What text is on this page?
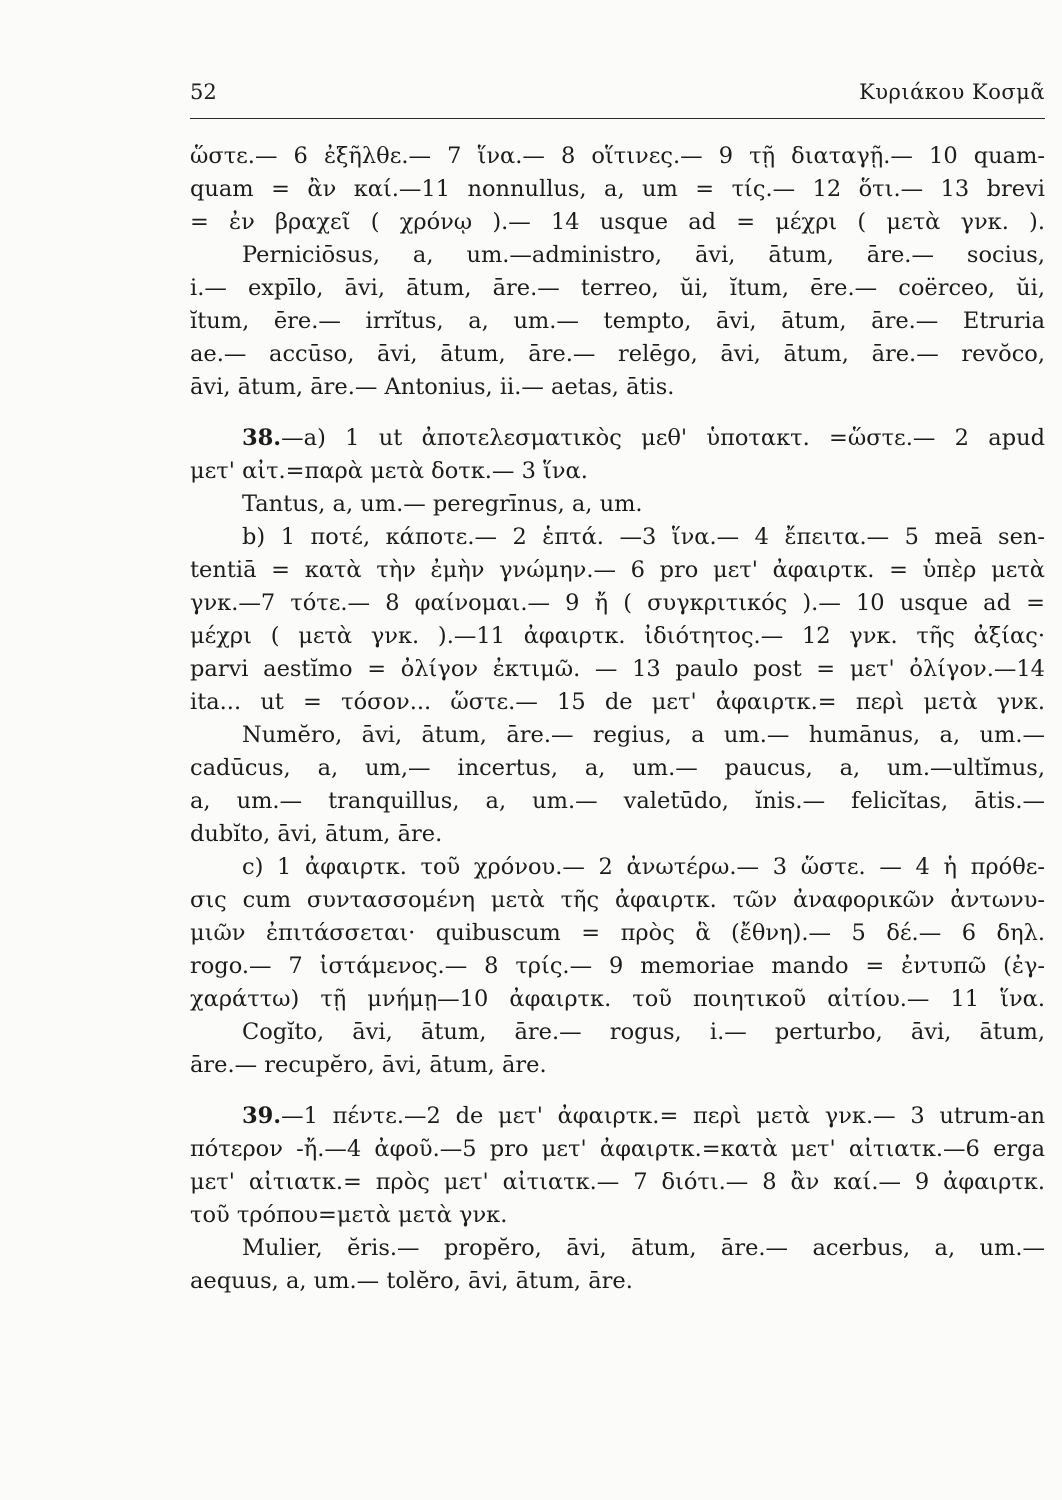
52	Κυριάκου Κοσμᾶ
ὥστε.— 6 ἐξῆλθε.— 7 ἵνα.— 8 οἵτινες.— 9 τῇ διαταγῇ.— 10 quam-
quam = ἂν καί.—11 nonnullus, a, um = τίς.— 12 ὅτι.— 13 brevi
= ἐν βραχεῖ ( χρόνῳ ).— 14 usque ad = μέχρι ( μετὰ γνκ. ).
Perniciōsus, a, um.—administro, āvi, ātum, āre.— socius,
i.— expīlo, āvi, ātum, āre.— terreo, ŭi, ĭtum, ēre.— coërceo, ŭi,
ĭtum, ēre.— irrĭtus, a, um.— tempto, āvi, ātum, āre.— Etruria
ae.— accūso, āvi, ātum, āre.— relēgo, āvi, ātum, āre.— revŏco,
āvi, ātum, āre.— Antonius, ii.— aetas, ātis.
38.—a) 1 ut ἀποτελεσματικὸς μεθ' ὑποτακτ. =ὥστε.— 2 apud
μετ' αἰτ.=παρὰ μετὰ δοτκ.— 3 ἵνα.
Tantus, a, um.— peregrīnus, a, um.
b) 1 ποτέ, κάποτε.— 2 ἑπτά. —3 ἵνα.— 4 ἔπειτα.— 5 meā sen-
tentiā = κατὰ τὴν ἐμὴν γνώμην.— 6 pro μετ' ἀφαιρτκ. = ὑπὲρ μετὰ
γνκ.—7 τότε.— 8 φαίνομαι.— 9 ἤ ( συγκριτικός ).— 10 usque ad =
μέχρι ( μετὰ γνκ. ).—11 ἀφαιρτκ. ἰδιότητος.— 12 γνκ. τῆς ἀξίας·
parvi aestĭmo = ὀλίγον ἐκτιμῶ. — 13 paulo post = μετ' ὀλίγον.—14
ita... ut = τόσον... ὥστε.— 15 de μετ' ἀφαιρτκ.= περὶ μετὰ γνκ.
Numĕro, āvi, ātum, āre.— regius, a um.— humānus, a, um.—
cadūcus, a, um,— incertus, a, um.— paucus, a, um.—ultĭmus,
a, um.— tranquillus, a, um.— valetūdo, ĭnis.— felicĭtas, ātis.—
dubĭto, āvi, ātum, āre.
c) 1 ἀφαιρτκ. τοῦ χρόνου.— 2 ἀνωτέρω.— 3 ὥστε. — 4 ἡ πρόθε-
σις cum συντασσομένη μετὰ τῆς ἀφαιρτκ. τῶν ἀναφορικῶν ἀντωνυ-
μιῶν ἐπιτάσσεται· quibuscum = πρὸς ἃ (ἔθνη).— 5 δέ.— 6 δηλ.
rogo.— 7 ἱστάμενος.— 8 τρίς.— 9 memoriae mando = ἐντυπῶ (ἐγ-
χαράττω) τῇ μνήμῃ—10 ἀφαιρτκ. τοῦ ποιητικοῦ αἰτίου.— 11 ἵνα.
Cogĭto, āvi, ātum, āre.— rogus, i.— perturbo, āvi, ātum,
āre.— recupĕro, āvi, ātum, āre.
39.—1 πέντε.—2 de μετ' ἀφαιρτκ.= περὶ μετὰ γνκ.— 3 utrum-an
πότερον -ἤ.—4 ἀφοῦ.—5 pro μετ' ἀφαιρτκ.=κατὰ μετ' αἰτιατκ.—6 erga
μετ' αἰτιατκ.= πρὸς μετ' αἰτιατκ.— 7 διότι.— 8 ἂν καί.— 9 ἀφαιρτκ.
τοῦ τρόπου=μετὰ μετὰ γνκ.
Mulier, ĕris.— propĕro, āvi, ātum, āre.— acerbus, a, um.—
aequus, a, um.— tolĕro, āvi, ātum, āre.
